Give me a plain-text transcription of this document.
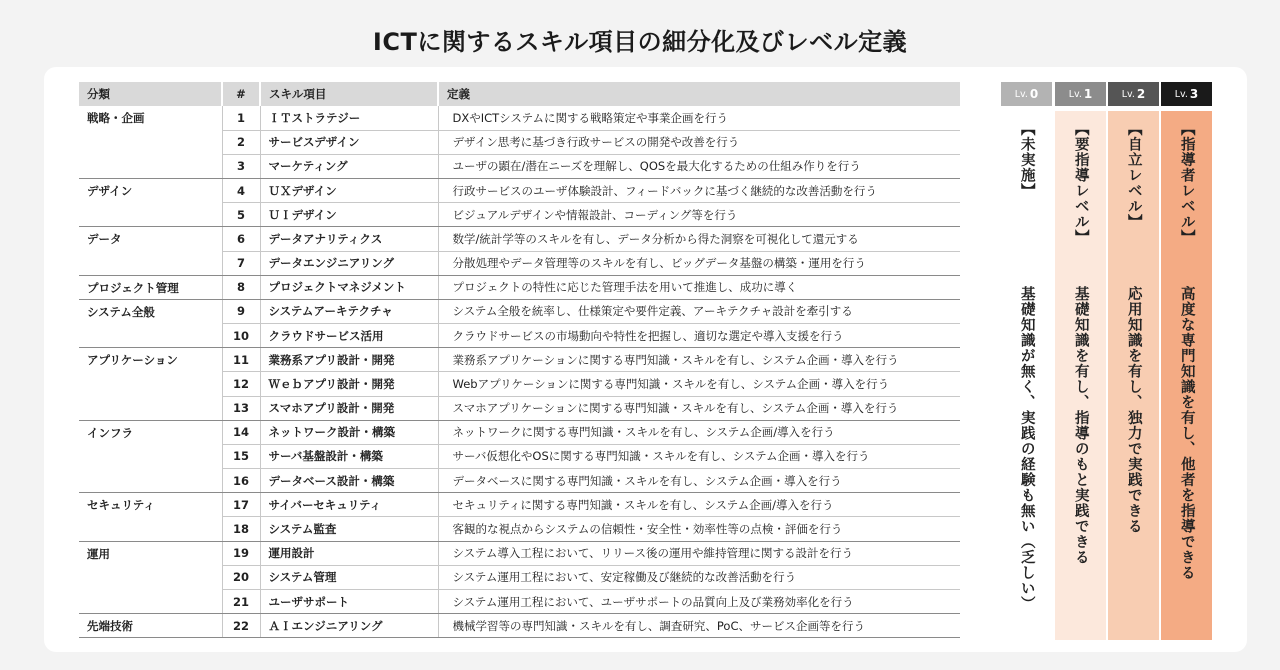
ICTに関するスキル項目の細分化及びレベル定義
分類	#	スキル項目	定義
戦略・企画	1	ＩＴストラテジー	DXやICTシステムに関する戦略策定や事業企画を行う
	2	サービスデザイン	デザイン思考に基づき行政サービスの開発や改善を行う
	3	マーケティング	ユーザの顕在/潜在ニーズを理解し、QOSを最大化するための仕組み作りを行う
デザイン	4	ＵＸデザイン	行政サービスのユーザ体験設計、フィードバックに基づく継続的な改善活動を行う
	5	ＵＩデザイン	ビジュアルデザインや情報設計、コーディング等を行う
データ	6	データアナリティクス	数学/統計学等のスキルを有し、データ分析から得た洞察を可視化して還元する
	7	データエンジニアリング	分散処理やデータ管理等のスキルを有し、ビッグデータ基盤の構築・運用を行う
プロジェクト管理	8	プロジェクトマネジメント	プロジェクトの特性に応じた管理手法を用いて推進し、成功に導く
システム全般	9	システムアーキテクチャ	システム全般を統率し、仕様策定や要件定義、アーキテクチャ設計を牽引する
	10	クラウドサービス活用	クラウドサービスの市場動向や特性を把握し、適切な選定や導入支援を行う
アプリケーション	11	業務系アプリ設計・開発	業務系アプリケーションに関する専門知識・スキルを有し、システム企画・導入を行う
	12	Ｗｅｂアプリ設計・開発	Webアプリケーションに関する専門知識・スキルを有し、システム企画・導入を行う
	13	スマホアプリ設計・開発	スマホアプリケーションに関する専門知識・スキルを有し、システム企画・導入を行う
インフラ	14	ネットワーク設計・構築	ネットワークに関する専門知識・スキルを有し、システム企画/導入を行う
	15	サーバ基盤設計・構築	サーバ仮想化やOSに関する専門知識・スキルを有し、システム企画・導入を行う
	16	データベース設計・構築	データベースに関する専門知識・スキルを有し、システム企画・導入を行う
セキュリティ	17	サイバーセキュリティ	セキュリティに関する専門知識・スキルを有し、システム企画/導入を行う
	18	システム監査	客観的な視点からシステムの信頼性・安全性・効率性等の点検・評価を行う
運用	19	運用設計	システム導入工程において、リリース後の運用や維持管理に関する設計を行う
	20	システム管理	システム運用工程において、安定稼働及び継続的な改善活動を行う
	21	ユーザサポート	システム運用工程において、ユーザサポートの品質向上及び業務効率化を行う
先端技術	22	ＡＩエンジニアリング	機械学習等の専門知識・スキルを有し、調査研究、PoC、サービス企画等を行う
Lv. 0
【未実施】
基礎知識が無く、実践の経験も無い（乏しい）
Lv. 1
【要指導レベル】
基礎知識を有し、指導のもと実践できる
Lv. 2
【自立レベル】
応用知識を有し、独力で実践できる
Lv. 3
【指導者レベル】
高度な専門知識を有し、他者を指導できる
